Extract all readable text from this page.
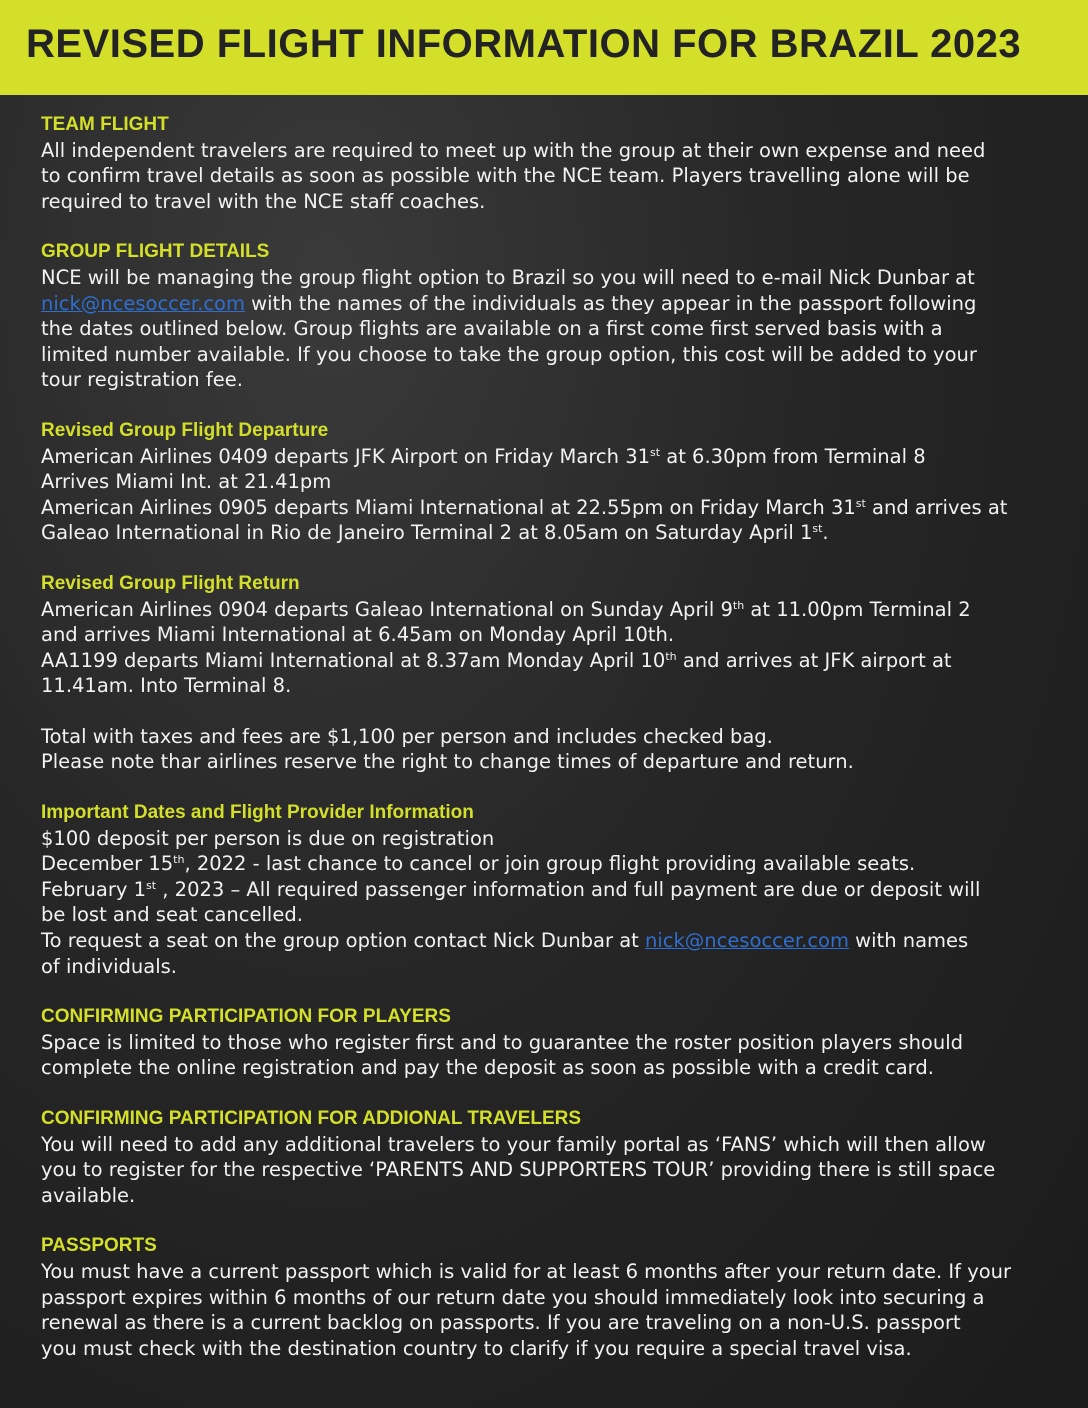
REVISED FLIGHT INFORMATION FOR BRAZIL 2023
TEAM FLIGHT
All independent travelers are required to meet up with the group at their own expense and need
to confirm travel details as soon as possible with the NCE team. Players travelling alone will be
required to travel with the NCE staff coaches.
GROUP FLIGHT DETAILS
NCE will be managing the group flight option to Brazil so you will need to e-mail Nick Dunbar at
nick@ncesoccer.com with the names of the individuals as they appear in the passport following
the dates outlined below. Group flights are available on a first come first served basis with a
limited number available. If you choose to take the group option, this cost will be added to your
tour registration fee.
Revised Group Flight Departure
American Airlines 0409 departs JFK Airport on Friday March 31st at 6.30pm from Terminal 8
Arrives Miami Int. at 21.41pm
American Airlines 0905 departs Miami International at 22.55pm on Friday March 31st and arrives at
Galeao International in Rio de Janeiro Terminal 2 at 8.05am on Saturday April 1st.
Revised Group Flight Return
American Airlines 0904 departs Galeao International on Sunday April 9th at 11.00pm Terminal 2
and arrives Miami International at 6.45am on Monday April 10th.
AA1199 departs Miami International at 8.37am Monday April 10th and arrives at JFK airport at
11.41am. Into Terminal 8.
Total with taxes and fees are $1,100 per person and includes checked bag.
Please note thar airlines reserve the right to change times of departure and return.
Important Dates and Flight Provider Information
$100 deposit per person is due on registration
December 15th, 2022 - last chance to cancel or join group flight providing available seats.
February 1st , 2023 – All required passenger information and full payment are due or deposit will
be lost and seat cancelled.
To request a seat on the group option contact Nick Dunbar at nick@ncesoccer.com with names
of individuals.
CONFIRMING PARTICIPATION FOR PLAYERS
Space is limited to those who register first and to guarantee the roster position players should
complete the online registration and pay the deposit as soon as possible with a credit card.
CONFIRMING PARTICIPATION FOR ADDIONAL TRAVELERS
You will need to add any additional travelers to your family portal as ‘FANS’ which will then allow
you to register for the respective ‘PARENTS AND SUPPORTERS TOUR’ providing there is still space
available.
PASSPORTS
You must have a current passport which is valid for at least 6 months after your return date. If your
passport expires within 6 months of our return date you should immediately look into securing a
renewal as there is a current backlog on passports. If you are traveling on a non-U.S. passport
you must check with the destination country to clarify if you require a special travel visa.
